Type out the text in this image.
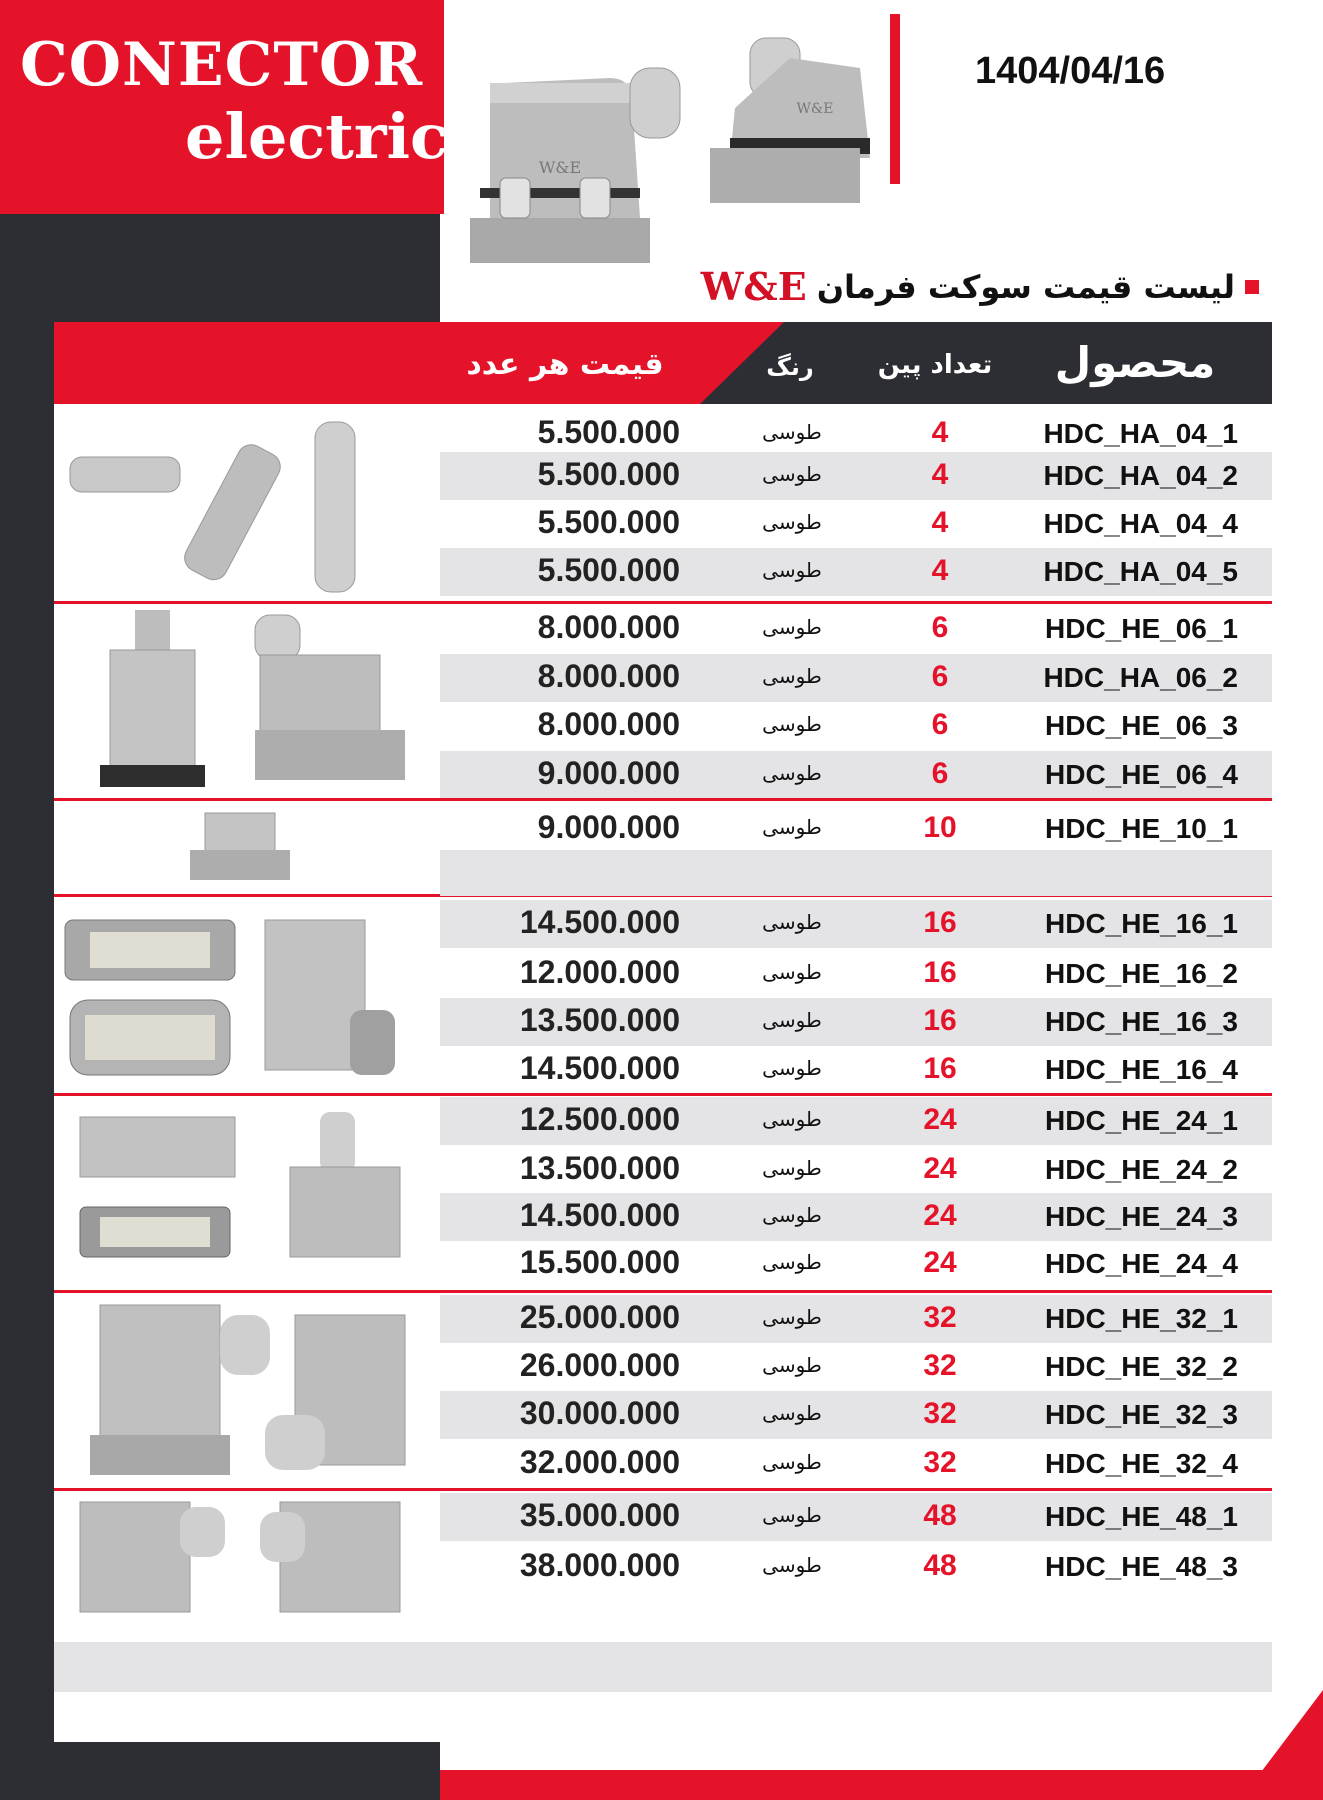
CONECTOR
electric
1404/04/16
W&E
W&E
لیست قیمت سوکت فرمان
W&E
قیمت هر عدد	رنگ	تعداد پین	محصول
5.500.000	طوسی	4	HDC_HA_04_1
5.500.000	طوسی	4	HDC_HA_04_2
5.500.000	طوسی	4	HDC_HA_04_4
5.500.000	طوسی	4	HDC_HA_04_5
8.000.000	طوسی	6	HDC_HE_06_1
8.000.000	طوسی	6	HDC_HA_06_2
8.000.000	طوسی	6	HDC_HE_06_3
9.000.000	طوسی	6	HDC_HE_06_4
9.000.000	طوسی	10	HDC_HE_10_1
14.500.000	طوسی	16	HDC_HE_16_1
12.000.000	طوسی	16	HDC_HE_16_2
13.500.000	طوسی	16	HDC_HE_16_3
14.500.000	طوسی	16	HDC_HE_16_4
12.500.000	طوسی	24	HDC_HE_24_1
13.500.000	طوسی	24	HDC_HE_24_2
14.500.000	طوسی	24	HDC_HE_24_3
15.500.000	طوسی	24	HDC_HE_24_4
25.000.000	طوسی	32	HDC_HE_32_1
26.000.000	طوسی	32	HDC_HE_32_2
30.000.000	طوسی	32	HDC_HE_32_3
32.000.000	طوسی	32	HDC_HE_32_4
35.000.000	طوسی	48	HDC_HE_48_1
38.000.000	طوسی	48	HDC_HE_48_3
